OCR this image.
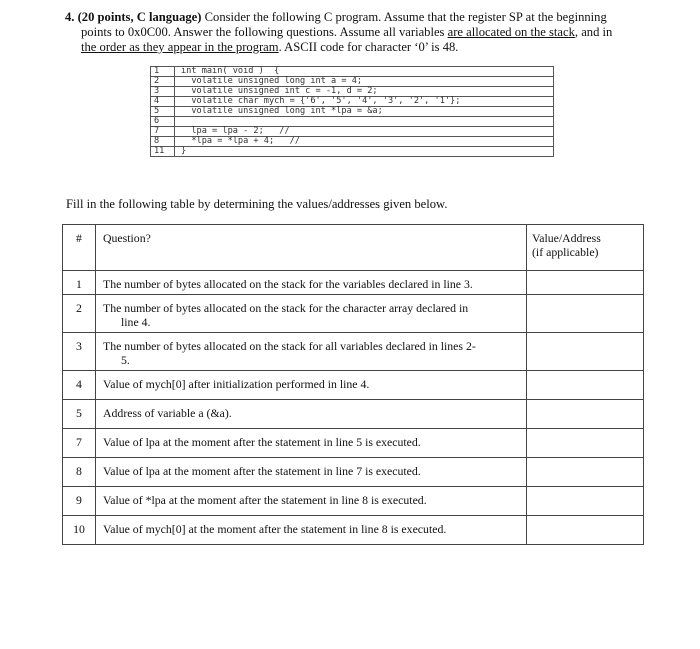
4. (20 points, C language) Consider the following C program. Assume that the register SP at the beginning
points to 0x0C00. Answer the following questions. Assume all variables are allocated on the stack, and in
the order as they appear in the program. ASCII code for character ‘0’ is 48.
1	int main( void )  {
2	volatile unsigned long int a = 4;
3	volatile unsigned int c = -1, d = 2;
4	volatile char mych = {'6', '5', '4', '3', '2', '1'};
5	volatile unsigned long int *lpa = &a;
6	
7	lpa = lpa - 2;   //
8	*lpa = *lpa + 4;   //
11	}
Fill in the following table by determining the values/addresses given below.
#	Question?	Value/Address
(if applicable)
1	The number of bytes allocated on the stack for the variables declared in line 3.	
2	The number of bytes allocated on the stack for the character array declared in
line 4.	

3	The number of bytes allocated on the stack for all variables declared in lines 2-
5.	

4	Value of mych[0] after initialization performed in line 4.	
5	Address of variable a (&a).	
7	Value of lpa at the moment after the statement in line 5 is executed.	
8	Value of lpa at the moment after the statement in line 7 is executed.	
9	Value of *lpa at the moment after the statement in line 8 is executed.	
10	Value of mych[0] at the moment after the statement in line 8 is executed.	
